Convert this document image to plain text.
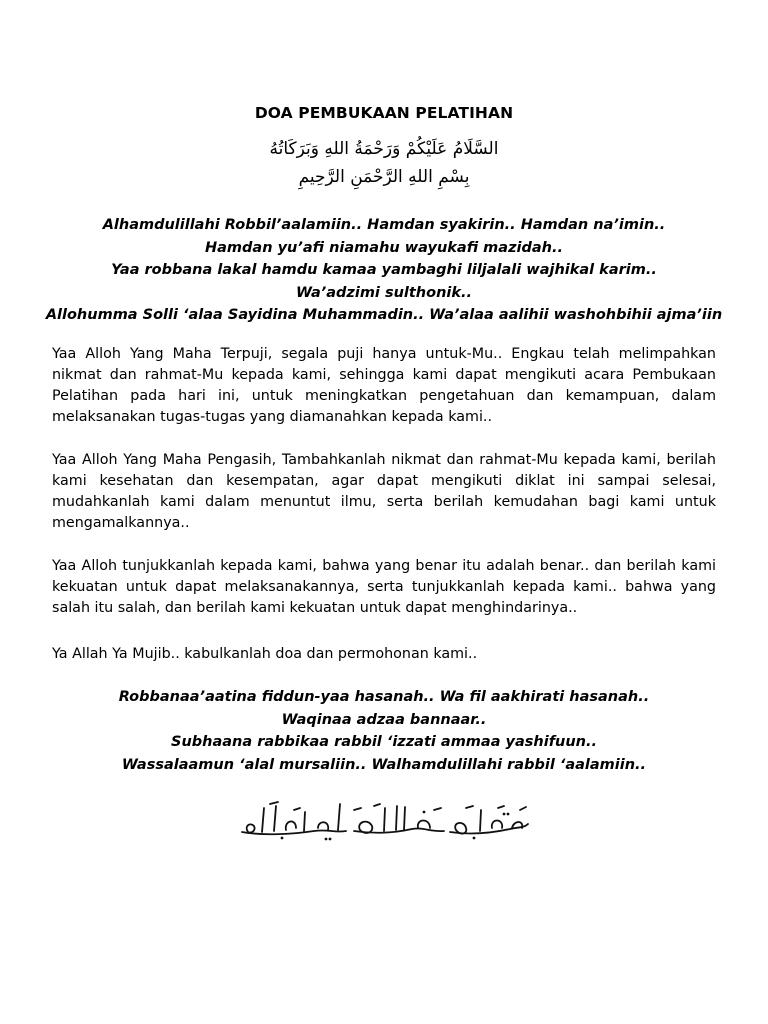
DOA PEMBUKAAN PELATIHAN
السَّلَامُ عَلَيْكُمْ وَرَحْمَةُ اللهِ وَبَرَكَاتُهُ
بِسْمِ اللهِ الرَّحْمَنِ الرَّحِيمِ
Alhamdulillahi Robbil’aalamiin.. Hamdan syakirin.. Hamdan na’imin..
Hamdan yu’afi niamahu wayukafi mazidah..
Yaa robbana lakal hamdu kamaa yambaghi liljalali wajhikal karim..
Wa’adzimi sulthonik..
Allohumma Solli ‘alaa Sayidina Muhammadin.. Wa’alaa aalihii washohbihii ajma’iin
Yaa Alloh Yang Maha Terpuji, segala puji hanya untuk-Mu.. Engkau telah melimpahkan nikmat dan rahmat-Mu kepada kami, sehingga kami dapat mengikuti acara Pembukaan Pelatihan pada hari ini, untuk meningkatkan pengetahuan dan kemampuan, dalam melaksanakan tugas-tugas yang diamanahkan kepada kami..
Yaa Alloh Yang Maha Pengasih, Tambahkanlah nikmat dan rahmat-Mu kepada kami, berilah kami kesehatan dan kesempatan, agar dapat mengikuti diklat ini sampai selesai, mudahkanlah kami dalam menuntut ilmu, serta berilah kemudahan bagi kami untuk mengamalkannya..
Yaa Alloh tunjukkanlah kepada kami, bahwa yang benar itu adalah benar.. dan berilah kami kekuatan untuk dapat melaksanakannya, serta tunjukkanlah kepada kami.. bahwa yang salah itu salah, dan berilah kami kekuatan untuk dapat menghindarinya..
Ya Allah Ya Mujib.. kabulkanlah doa dan permohonan kami..
Robbanaa’aatina fiddun-yaa hasanah.. Wa fil aakhirati hasanah..
Waqinaa adzaa bannaar..
Subhaana rabbikaa rabbil ‘izzati ammaa yashifuun..
Wassalaamun ‘alal mursaliin.. Walhamdulillahi rabbil ‘aalamiin..
